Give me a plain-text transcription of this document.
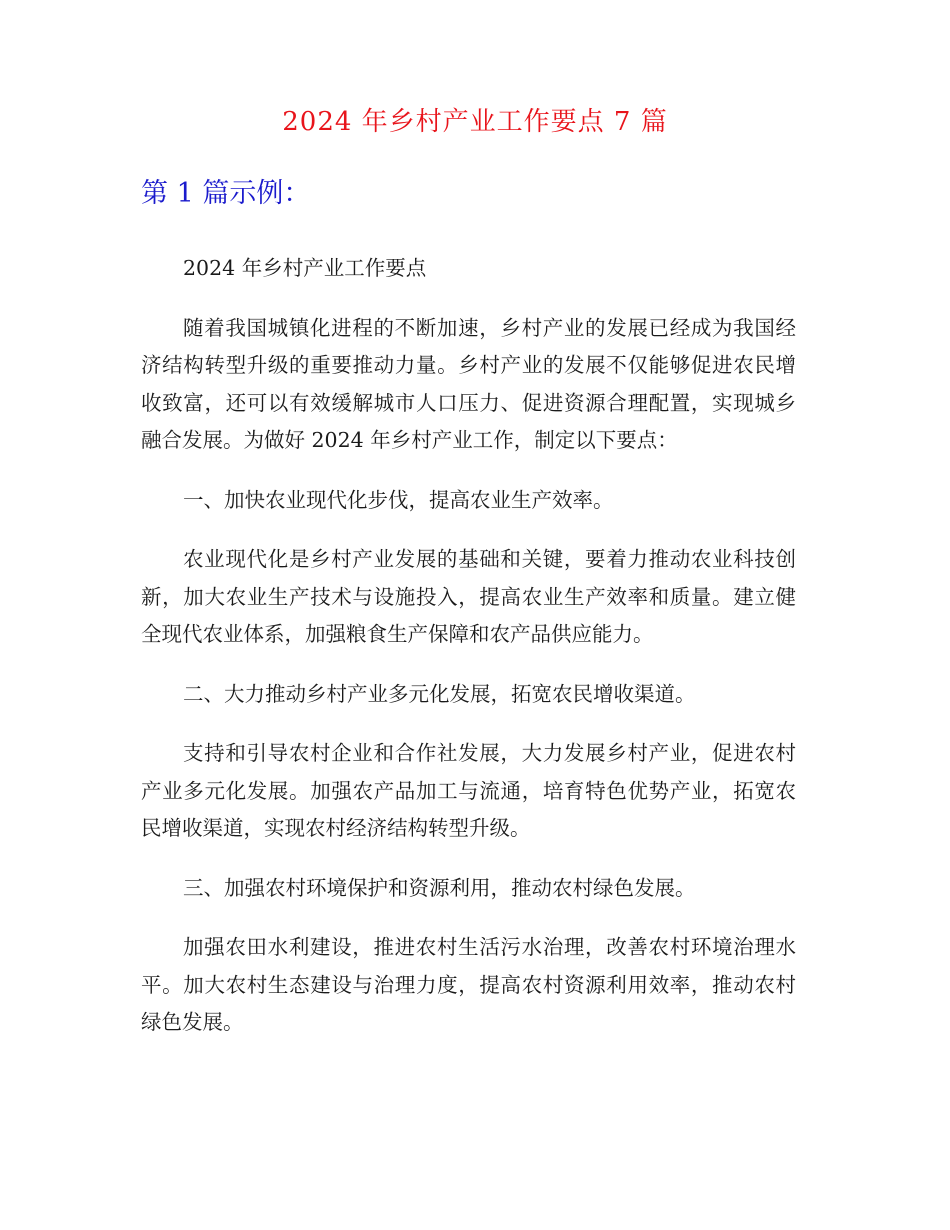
2024 年乡村产业工作要点 7 篇
第 1 篇示例：

2024 年乡村产业工作要点

随着我国城镇化进程的不断加速，乡村产业的发展已经成为我国经济结构转型升级的重要推动力量。乡村产业的发展不仅能够促进农民增收致富，还可以有效缓解城市人口压力、促进资源合理配置，实现城乡融合发展。为做好 2024 年乡村产业工作，制定以下要点：

一、加快农业现代化步伐，提高农业生产效率。

农业现代化是乡村产业发展的基础和关键，要着力推动农业科技创新，加大农业生产技术与设施投入，提高农业生产效率和质量。建立健全现代农业体系，加强粮食生产保障和农产品供应能力。

二、大力推动乡村产业多元化发展，拓宽农民增收渠道。

支持和引导农村企业和合作社发展，大力发展乡村产业，促进农村产业多元化发展。加强农产品加工与流通，培育特色优势产业，拓宽农民增收渠道，实现农村经济结构转型升级。

三、加强农村环境保护和资源利用，推动农村绿色发展。

加强农田水利建设，推进农村生活污水治理，改善农村环境治理水平。加大农村生态建设与治理力度，提高农村资源利用效率，推动农村绿色发展。
